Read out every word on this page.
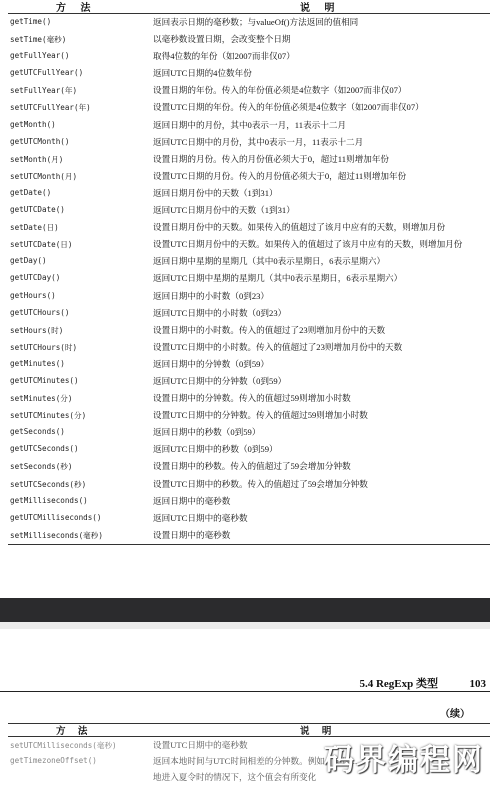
方 法	说 明
getTime()	返回表示日期的毫秒数；与valueOf()方法返回的值相同
setTime(毫秒)	以毫秒数设置日期，会改变整个日期
getFullYear()	取得4位数的年份（如2007而非仅07）
getUTCFullYear()	返回UTC日期的4位数年份
setFullYear(年)	设置日期的年份。传入的年份值必须是4位数字（如2007而非仅07）
setUTCFullYear(年)	设置UTC日期的年份。传入的年份值必须是4位数字（如2007而非仅07）
getMonth()	返回日期中的月份，其中0表示一月，11表示十二月
getUTCMonth()	返回UTC日期中的月份，其中0表示一月，11表示十二月
setMonth(月)	设置日期的月份。传入的月份值必须大于0，超过11则增加年份
setUTCMonth(月)	设置UTC日期的月份。传入的月份值必须大于0，超过11则增加年份
getDate()	返回日期月份中的天数（1到31）
getUTCDate()	返回UTC日期月份中的天数（1到31）
setDate(日)	设置日期月份中的天数。如果传入的值超过了该月中应有的天数，则增加月份
setUTCDate(日)	设置UTC日期月份中的天数。如果传入的值超过了该月中应有的天数，则增加月份
getDay()	返回日期中星期的星期几（其中0表示星期日，6表示星期六）
getUTCDay()	返回UTC日期中星期的星期几（其中0表示星期日，6表示星期六）
getHours()	返回日期中的小时数（0到23）
getUTCHours()	返回UTC日期中的小时数（0到23）
setHours(时)	设置日期中的小时数。传入的值超过了23则增加月份中的天数
setUTCHours(时)	设置UTC日期中的小时数。传入的值超过了23则增加月份中的天数
getMinutes()	返回日期中的分钟数（0到59）
getUTCMinutes()	返回UTC日期中的分钟数（0到59）
setMinutes(分)	设置日期中的分钟数。传入的值超过59则增加小时数
setUTCMinutes(分)	设置UTC日期中的分钟数。传入的值超过59则增加小时数
getSeconds()	返回日期中的秒数（0到59）
getUTCSeconds()	返回UTC日期中的秒数（0到59）
setSeconds(秒)	设置日期中的秒数。传入的值超过了59会增加分钟数
setUTCSeconds(秒)	设置UTC日期中的秒数。传入的值超过了59会增加分钟数
getMilliseconds()	返回日期中的毫秒数
getUTCMilliseconds()	返回UTC日期中的毫秒数
setMilliseconds(毫秒)	设置日期中的毫秒数
5.4 RegExp 类型	103
（续）
方 法	说 明
setUTCMilliseconds(毫秒)	设置UTC日期中的毫秒数
getTimezoneOffset()	返回本地时间与UTC时间相差的分钟数。例如，美国...
地进入夏令时的情况下，这个值会有所变化 码界编程网
